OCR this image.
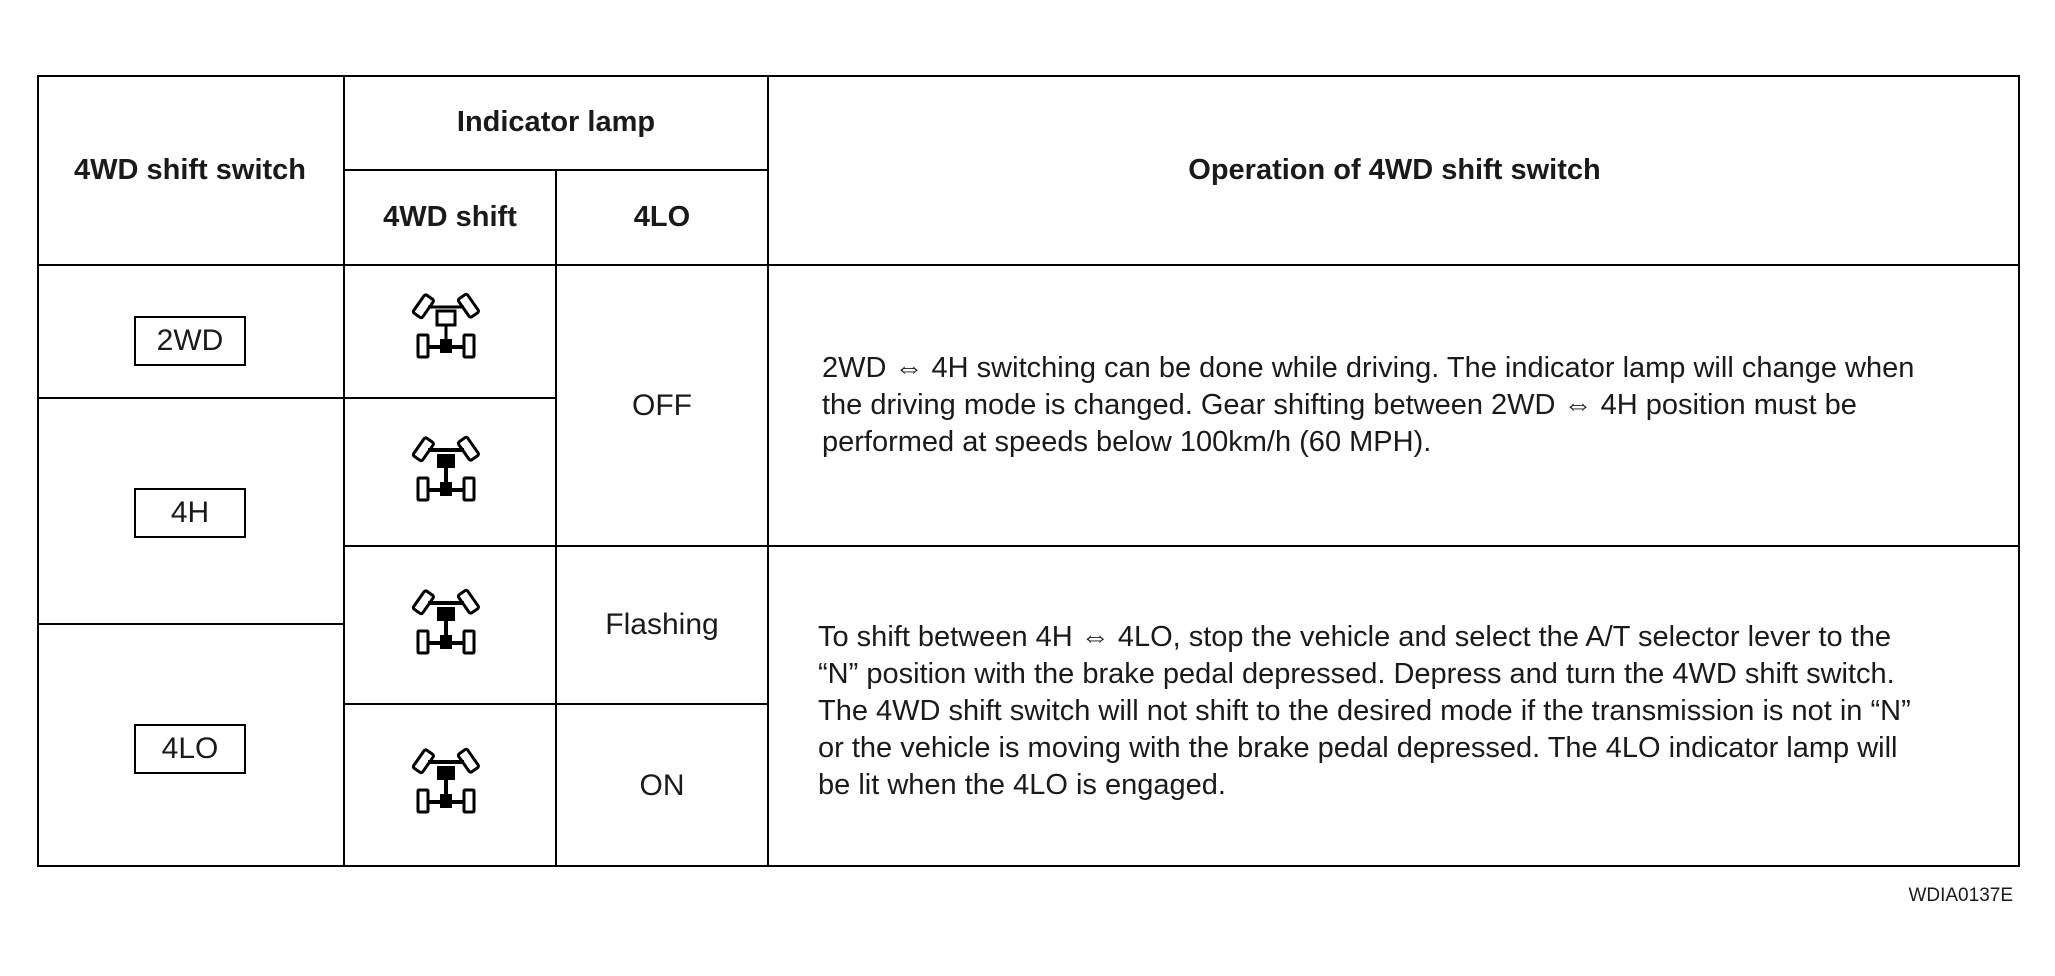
4WD shift switch
Indicator lamp
4WD shift	4LO
Operation of 4WD shift switch
2WD
4H
4LO
OFF
Flashing
ON
2WD ⇔ 4H switching can be done while driving. The indicator lamp will change when
the driving mode is changed. Gear shifting between 2WD ⇔ 4H position must be
performed at speeds below 100km/h (60 MPH).
To shift between 4H ⇔ 4LO, stop the vehicle and select the A/T selector lever to the
“N” position with the brake pedal depressed. Depress and turn the 4WD shift switch.
The 4WD shift switch will not shift to the desired mode if the transmission is not in “N”
or the vehicle is moving with the brake pedal depressed. The 4LO indicator lamp will
be lit when the 4LO is engaged.
WDIA0137E
